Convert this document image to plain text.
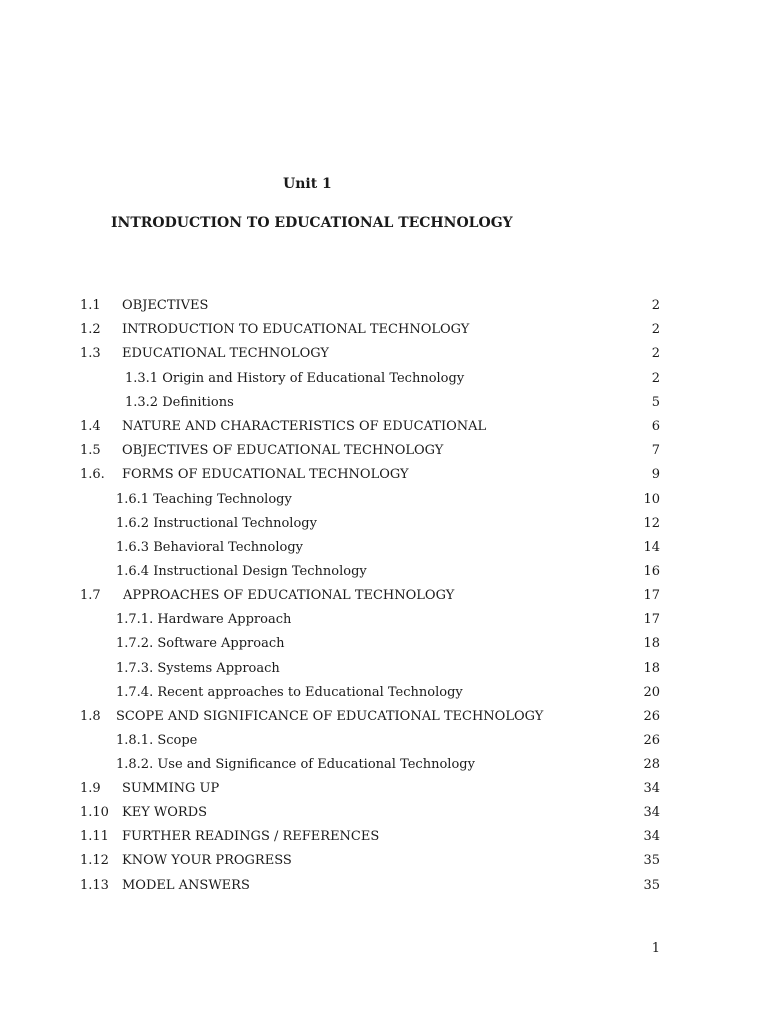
Unit 1
INTRODUCTION TO EDUCATIONAL TECHNOLOGY
1.1 OBJECTIVES	2
1.2 INTRODUCTION TO EDUCATIONAL TECHNOLOGY	2
1.3 EDUCATIONAL TECHNOLOGY	2
1.3.1 Origin and History of Educational Technology	2
1.3.2 Definitions	5
1.4 NATURE AND CHARACTERISTICS OF EDUCATIONAL	6
1.5 OBJECTIVES OF EDUCATIONAL TECHNOLOGY	7
1.6. FORMS OF EDUCATIONAL TECHNOLOGY	9
1.6.1 Teaching Technology	10
1.6.2 Instructional Technology	12
1.6.3 Behavioral Technology	14
1.6.4 Instructional Design Technology	16
1.7 APPROACHES OF EDUCATIONAL TECHNOLOGY	17
1.7.1. Hardware Approach	17
1.7.2. Software Approach	18
1.7.3. Systems Approach	18
1.7.4. Recent approaches to Educational Technology	20
1.8 SCOPE AND SIGNIFICANCE OF EDUCATIONAL TECHNOLOGY	26
1.8.1. Scope	26
1.8.2. Use and Significance of Educational Technology	28
1.9 SUMMING UP	34
1.10 KEY WORDS	34
1.11 FURTHER READINGS / REFERENCES	34
1.12 KNOW YOUR PROGRESS	35
1.13 MODEL ANSWERS	35
1
